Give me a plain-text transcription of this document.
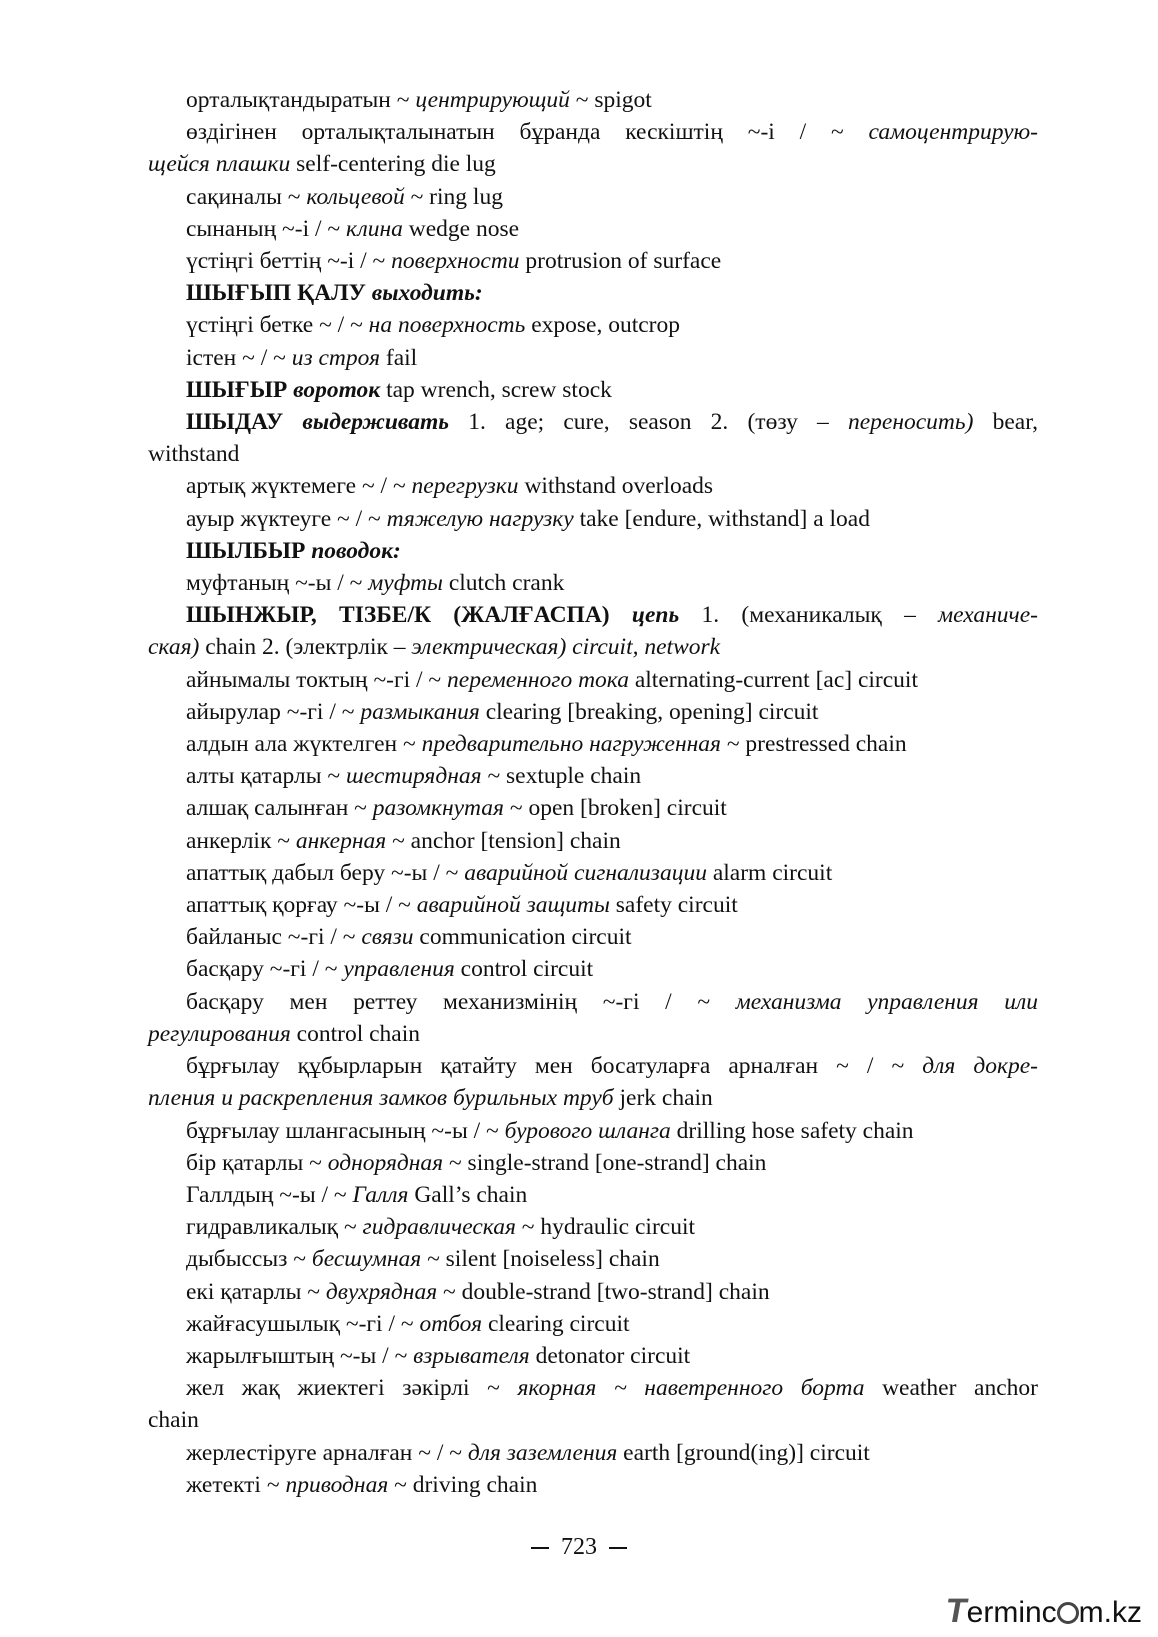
орталықтандыратын ~ центрирующий ~ spigot
өздігінен орталықталынатын бұранда кескіштің ~-і / ~ самоцентрирую-
щейся плашки self-centering die lug
сақиналы ~ кольцевой ~ ring lug
сынаның ~-і / ~ клина wedge nose
үстіңгі беттің ~-і / ~ поверхности protrusion of surface
ШЫҒЫП ҚАЛУ выходить:
үстіңгі бетке ~ / ~ на поверхность expose, outcrop
істен ~ / ~ из строя fail
ШЫҒЫР вороток tap wrench, screw stock
ШЫДАУ выдерживать 1. age; cure, season 2. (төзу – переносить) bear,
withstand
артық жүктемеге ~ / ~ перегрузки withstand overloads
ауыр жүктеуге ~ / ~ тяжелую нагрузку take [endure, withstand] a load
ШЫЛБЫР поводок:
муфтаның ~-ы / ~ муфты clutch crank
ШЫНЖЫР, ТІЗБЕ/К (ЖАЛҒАСПА) цепь 1. (механикалық – механиче-
ская) chain 2. (электрлік – электрическая) circuit, network
айнымалы токтың ~-гі / ~ переменного тока alternating-current [ac] circuit
айырулар ~-гі / ~ размыкания clearing [breaking, opening] circuit
алдын ала жүктелген ~ предварительно нагруженная ~ prestressed chain
алты қатарлы ~ шестирядная ~ sextuple chain
алшақ салынған ~ разомкнутая ~ open [broken] circuit
анкерлік ~ анкерная ~ anchor [tension] chain
апаттық дабыл беру ~-ы / ~ аварийной сигнализации alarm circuit
апаттық қорғау ~-ы / ~ аварийной защиты safety circuit
байланыс ~-гі / ~ связи communication circuit
басқару ~-гі / ~ управления control circuit
басқару мен реттеу механизмінің ~-гі / ~ механизма управления или
регулирования control chain
бұрғылау құбырларын қатайту мен босатуларға арналған ~ / ~ для докре-
пления и раскрепления замков бурильных труб jerk chain
бұрғылау шлангасының ~-ы / ~ бурового шланга drilling hose safety chain
бір қатарлы ~ однорядная ~ single-strand [one-strand] chain
Галлдың ~-ы / ~ Галля Gall’s chain
гидравликалық ~ гидравлическая ~ hydraulic circuit
дыбыссыз ~ бесшумная ~ silent [noiseless] chain
екі қатарлы ~ двухрядная ~ double-strand [two-strand] chain
жайғасушылық ~-гі / ~ отбоя clearing circuit
жарылғыштың ~-ы / ~ взрывателя detonator circuit
жел жақ жиектегі зәкірлі ~ якорная ~ наветренного борта weather anchor
chain
жерлестіруге арналған ~ / ~ для заземления earth [ground(ing)] circuit
жетекті ~ приводная ~ driving chain
723
Terminc m.kz
